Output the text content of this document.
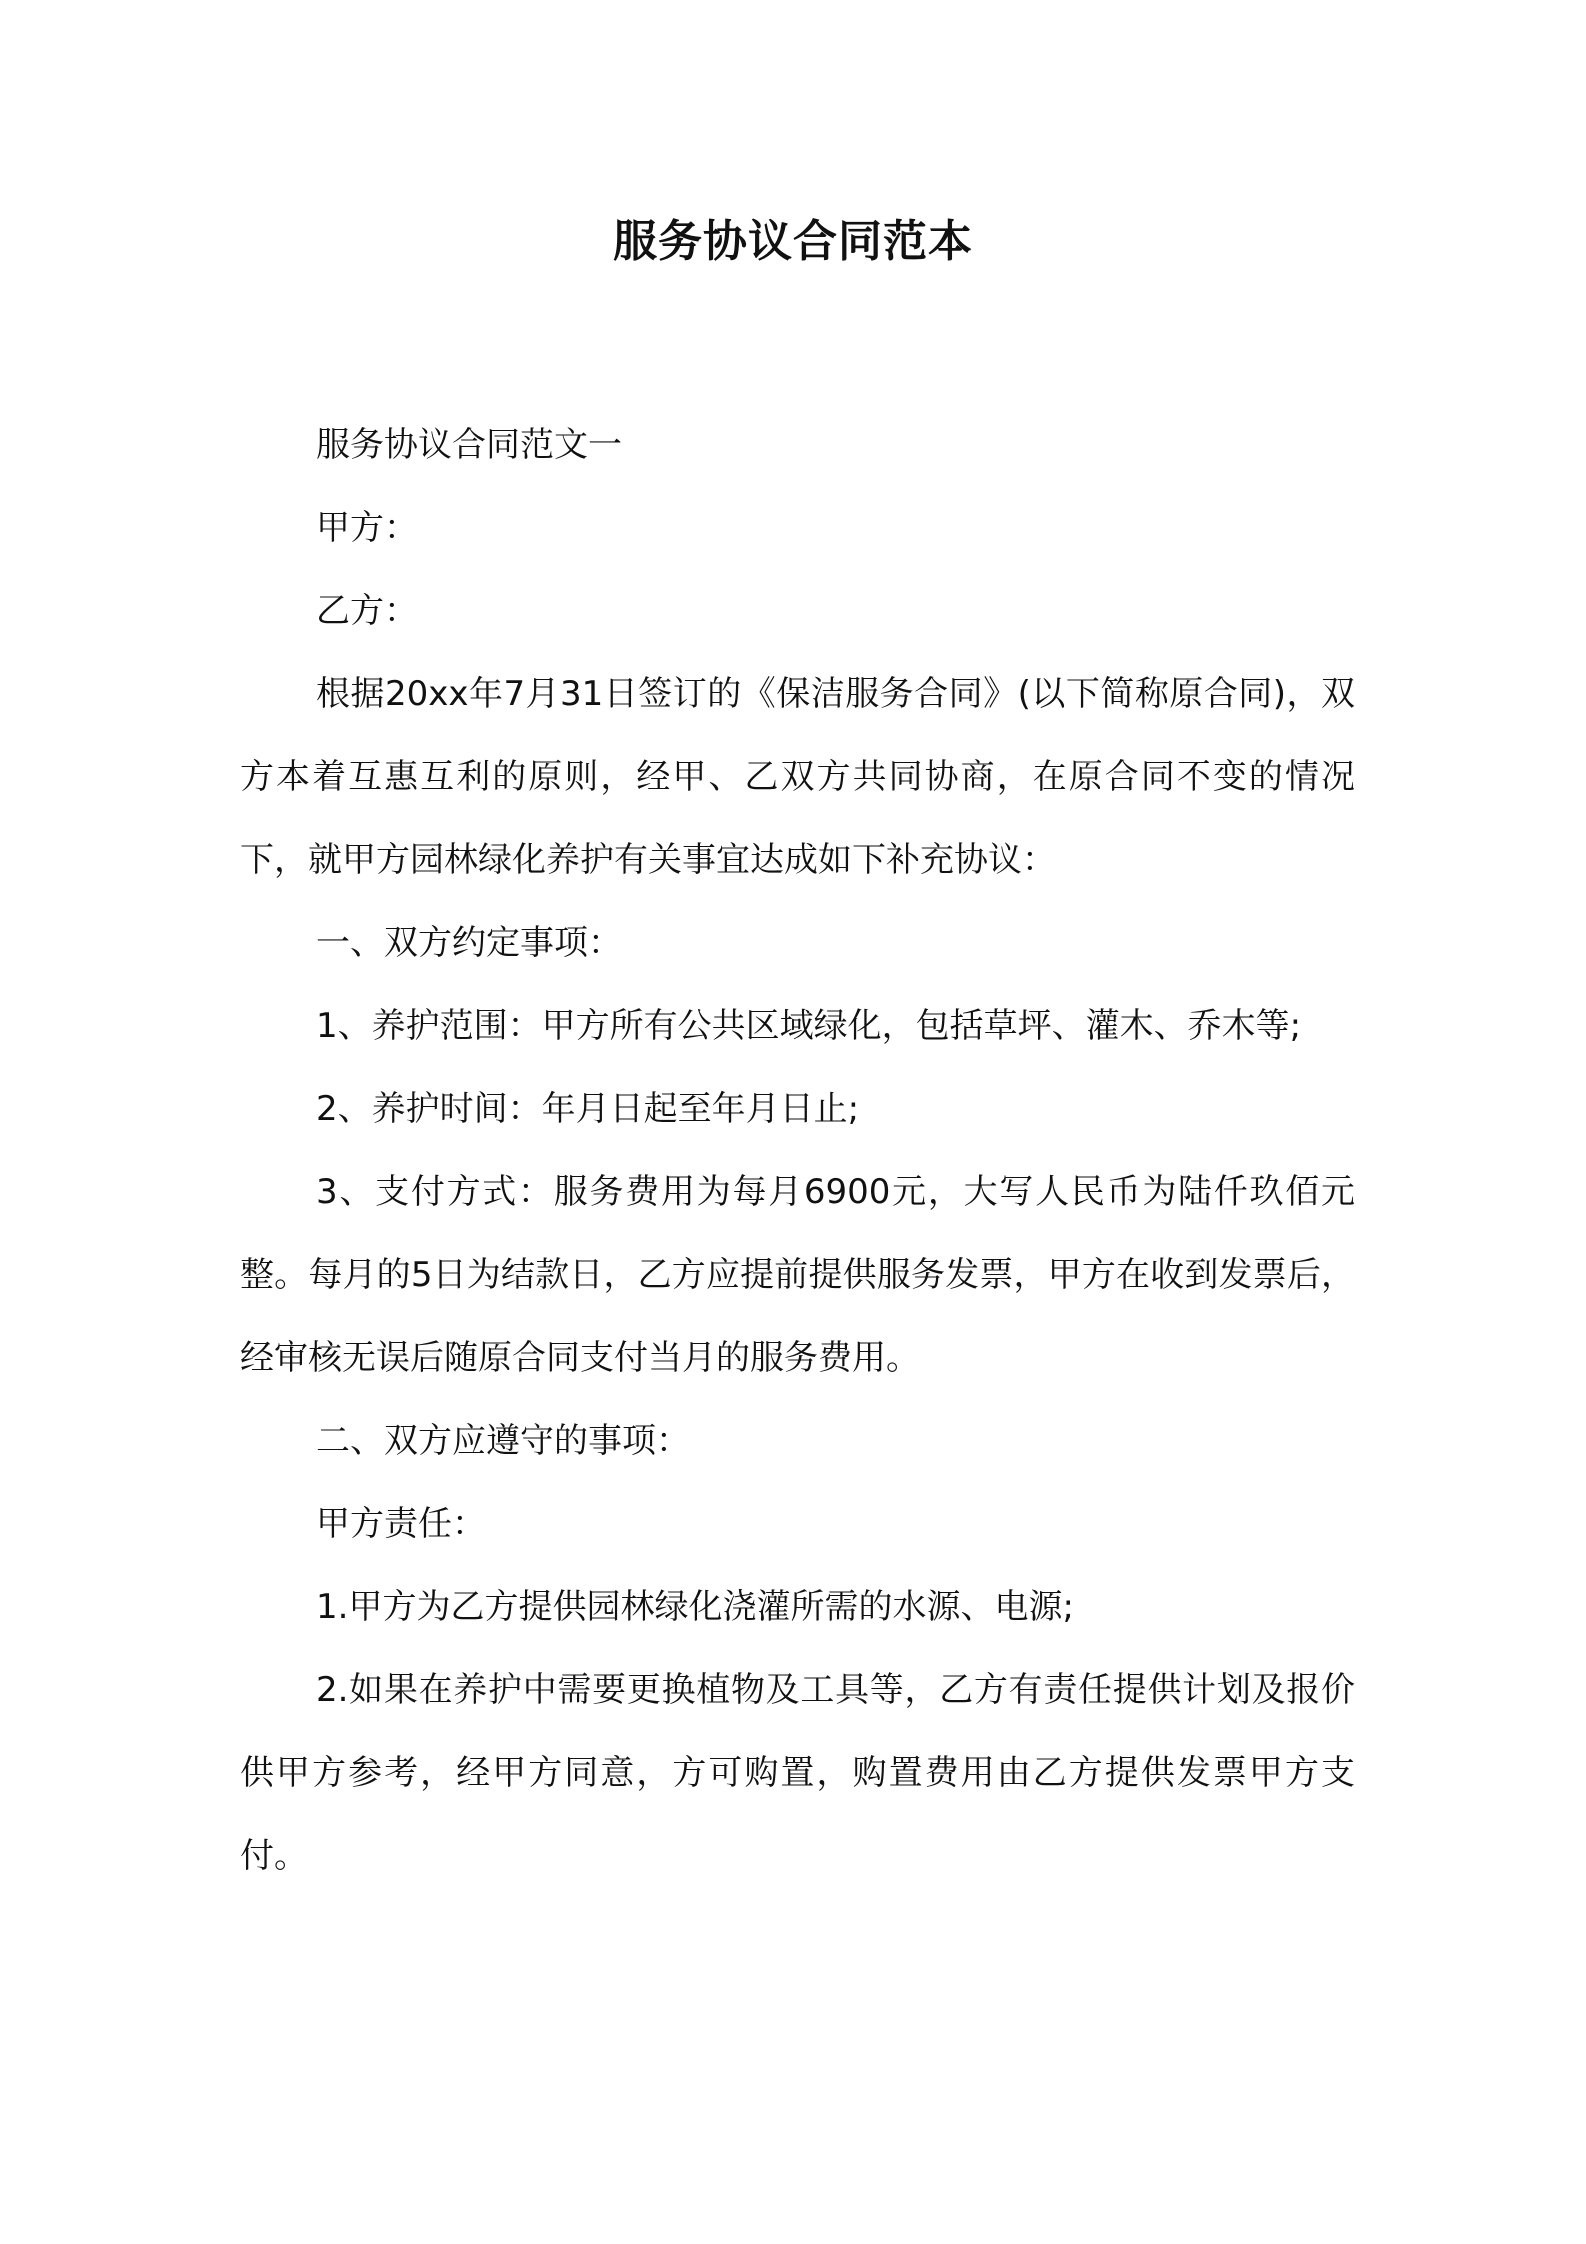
服务协议合同范本

服务协议合同范文一

甲方：

乙方：

根据20xx年7月31日签订的《保洁服务合同》(以下简称原合同)，双方本着互惠互利的原则，经甲、乙双方共同协商，在原合同不变的情况下，就甲方园林绿化养护有关事宜达成如下补充协议：

一、双方约定事项：

1、养护范围：甲方所有公共区域绿化，包括草坪、灌木、乔木等;

2、养护时间：年月日起至年月日止;

3、支付方式：服务费用为每月6900元，大写人民币为陆仟玖佰元整。每月的5日为结款日，乙方应提前提供服务发票，甲方在收到发票后，经审核无误后随原合同支付当月的服务费用。

二、双方应遵守的事项：

甲方责任：

1.甲方为乙方提供园林绿化浇灌所需的水源、电源;

2.如果在养护中需要更换植物及工具等，乙方有责任提供计划及报价供甲方参考，经甲方同意，方可购置，购置费用由乙方提供发票甲方支付。
